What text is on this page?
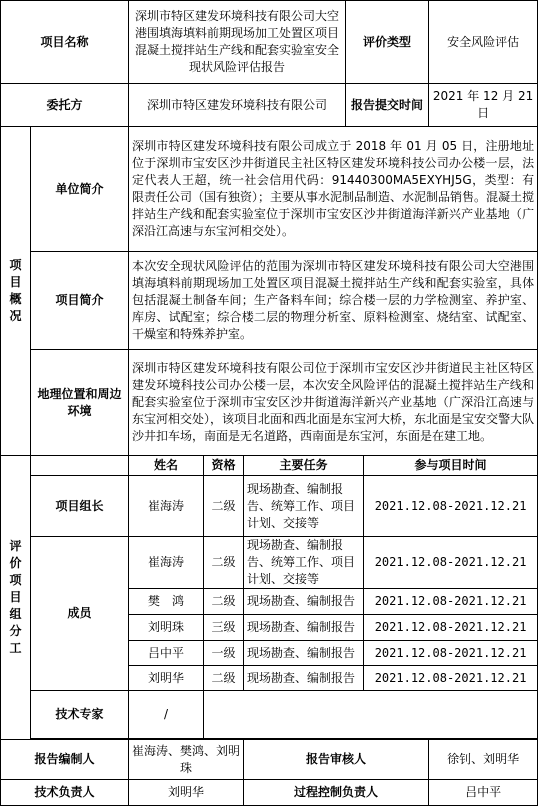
项目名称		深圳市特区建发环境科技有限公司大空港围填海填料前期现场加工处置区项目混凝土搅拌站生产线和配套实验室安全现状风险评估报告			评价类型		安全风险评估
委托方		深圳市特区建发环境科技有限公司			报告提交时间		2021 年 12 月 21 日
项目概况	单位简介	深圳市特区建发环境科技有限公司成立于 2018 年 01 月 05 日，注册地址位于深圳市宝安区沙井街道民主社区特区建发环境科技公司办公楼一层，法定代表人王超，统一社会信用代码：91440300MA5EXYHJ5G，类型：有限责任公司（国有独资）；主要从事水泥制品制造、水泥制品销售。混凝土搅拌站生产线和配套实验室位于深圳市宝安区沙井街道海洋新兴产业基地（广深沿江高速与东宝河相交处）。					
	项目简介	本次安全现状风险评估的范围为深圳市特区建发环境科技有限公司大空港围填海填料前期现场加工处置区项目混凝土搅拌站生产线和配套实验室，具体包括混凝土制备车间；生产备料车间；综合楼一层的力学检测室、养护室、库房、试配室；综合楼二层的物理分析室、原料检测室、烧结室、试配室、干燥室和特殊养护室。					
	地理位置和周边环境	深圳市特区建发环境科技有限公司位于深圳市宝安区沙井街道民主社区特区建发环境科技公司办公楼一层，本次安全风险评估的混凝土搅拌站生产线和配套实验室位于深圳市宝安区沙井街道海洋新兴产业基地（广深沿江高速与东宝河相交处），该项目北面和西北面是东宝河大桥，东北面是宝安交警大队沙井扣车场，南面是无名道路，西南面是东宝河，东面是在建工地。					
评价项目组分工		姓名	资格	主要任务		参与项目时间	
	项目组长	崔海涛	二级	现场勘查、编制报告、统筹工作、项目计划、交接等		2021.12.08-2021.12.21	
	成员	崔海涛	二级	现场勘查、编制报告、统筹工作、项目计划、交接等		2021.12.08-2021.12.21	
		樊　鸿	二级	现场勘查、编制报告		2021.12.08-2021.12.21	
		刘明珠	三级	现场勘查、编制报告		2021.12.08-2021.12.21	
		吕中平	一级	现场勘查、编制报告		2021.12.08-2021.12.21	
		刘明华	二级	现场勘查、编制报告		2021.12.08-2021.12.21	
	技术专家	/					

报告编制人		崔海涛、樊鸿、刘明珠		报告审核人			徐钊、刘明华
技术负责人		刘明华		过程控制负责人			吕中平
